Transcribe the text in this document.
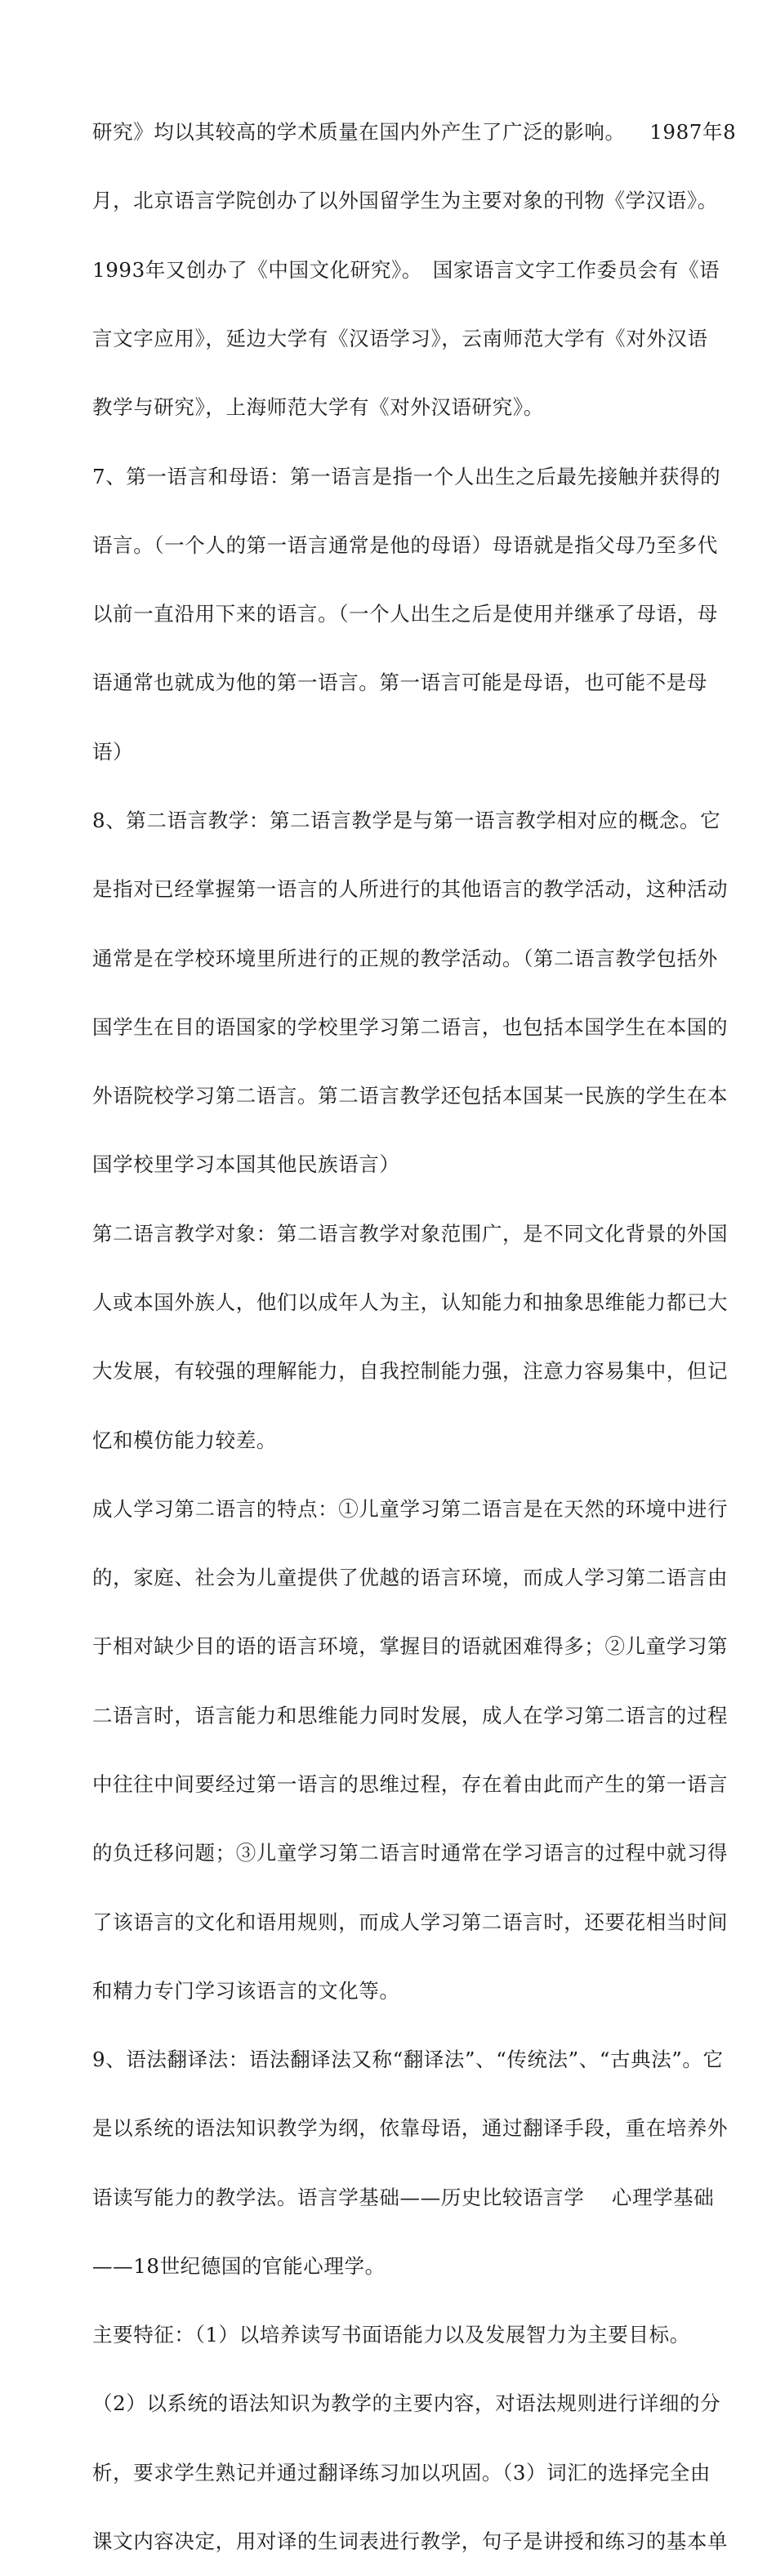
研究》均以其较高的学术质量在国内外产生了广泛的影响。　  1987年8

月，北京语言学院创办了以外国留学生为主要对象的刊物《学汉语》。

1993年又创办了《中国文化研究》。　国家语言文字工作委员会有《语

言文字应用》，延边大学有《汉语学习》，云南师范大学有《对外汉语

教学与研究》，上海师范大学有《对外汉语研究》。

7、第一语言和母语：第一语言是指一个人出生之后最先接触并获得的

语言。（一个人的第一语言通常是他的母语）母语就是指父母乃至多代

以前一直沿用下来的语言。（一个人出生之后是使用并继承了母语，母

语通常也就成为他的第一语言。第一语言可能是母语，也可能不是母

语）

8、第二语言教学：第二语言教学是与第一语言教学相对应的概念。它

是指对已经掌握第一语言的人所进行的其他语言的教学活动，这种活动

通常是在学校环境里所进行的正规的教学活动。（第二语言教学包括外

国学生在目的语国家的学校里学习第二语言，也包括本国学生在本国的

外语院校学习第二语言。第二语言教学还包括本国某一民族的学生在本

国学校里学习本国其他民族语言）

第二语言教学对象：第二语言教学对象范围广，是不同文化背景的外国

人或本国外族人，他们以成年人为主，认知能力和抽象思维能力都已大

大发展，有较强的理解能力，自我控制能力强，注意力容易集中，但记

忆和模仿能力较差。

成人学习第二语言的特点：①儿童学习第二语言是在天然的环境中进行

的，家庭、社会为儿童提供了优越的语言环境，而成人学习第二语言由

于相对缺少目的语的语言环境，掌握目的语就困难得多；②儿童学习第

二语言时，语言能力和思维能力同时发展，成人在学习第二语言的过程

中往往中间要经过第一语言的思维过程，存在着由此而产生的第一语言

的负迁移问题；③儿童学习第二语言时通常在学习语言的过程中就习得

了该语言的文化和语用规则，而成人学习第二语言时，还要花相当时间

和精力专门学习该语言的文化等。

9、语法翻译法：语法翻译法又称“翻译法”、“传统法”、“古典法”。它

是以系统的语法知识教学为纲，依靠母语，通过翻译手段，重在培养外

语读写能力的教学法。语言学基础——历史比较语言学　 心理学基础

——18世纪德国的官能心理学。

主要特征：（1）以培养读写书面语能力以及发展智力为主要目标。

（2）以系统的语法知识为教学的主要内容，对语法规则进行详细的分

析，要求学生熟记并通过翻译练习加以巩固。（3）词汇的选择完全由

课文内容决定，用对译的生词表进行教学，句子是讲授和练习的基本单
